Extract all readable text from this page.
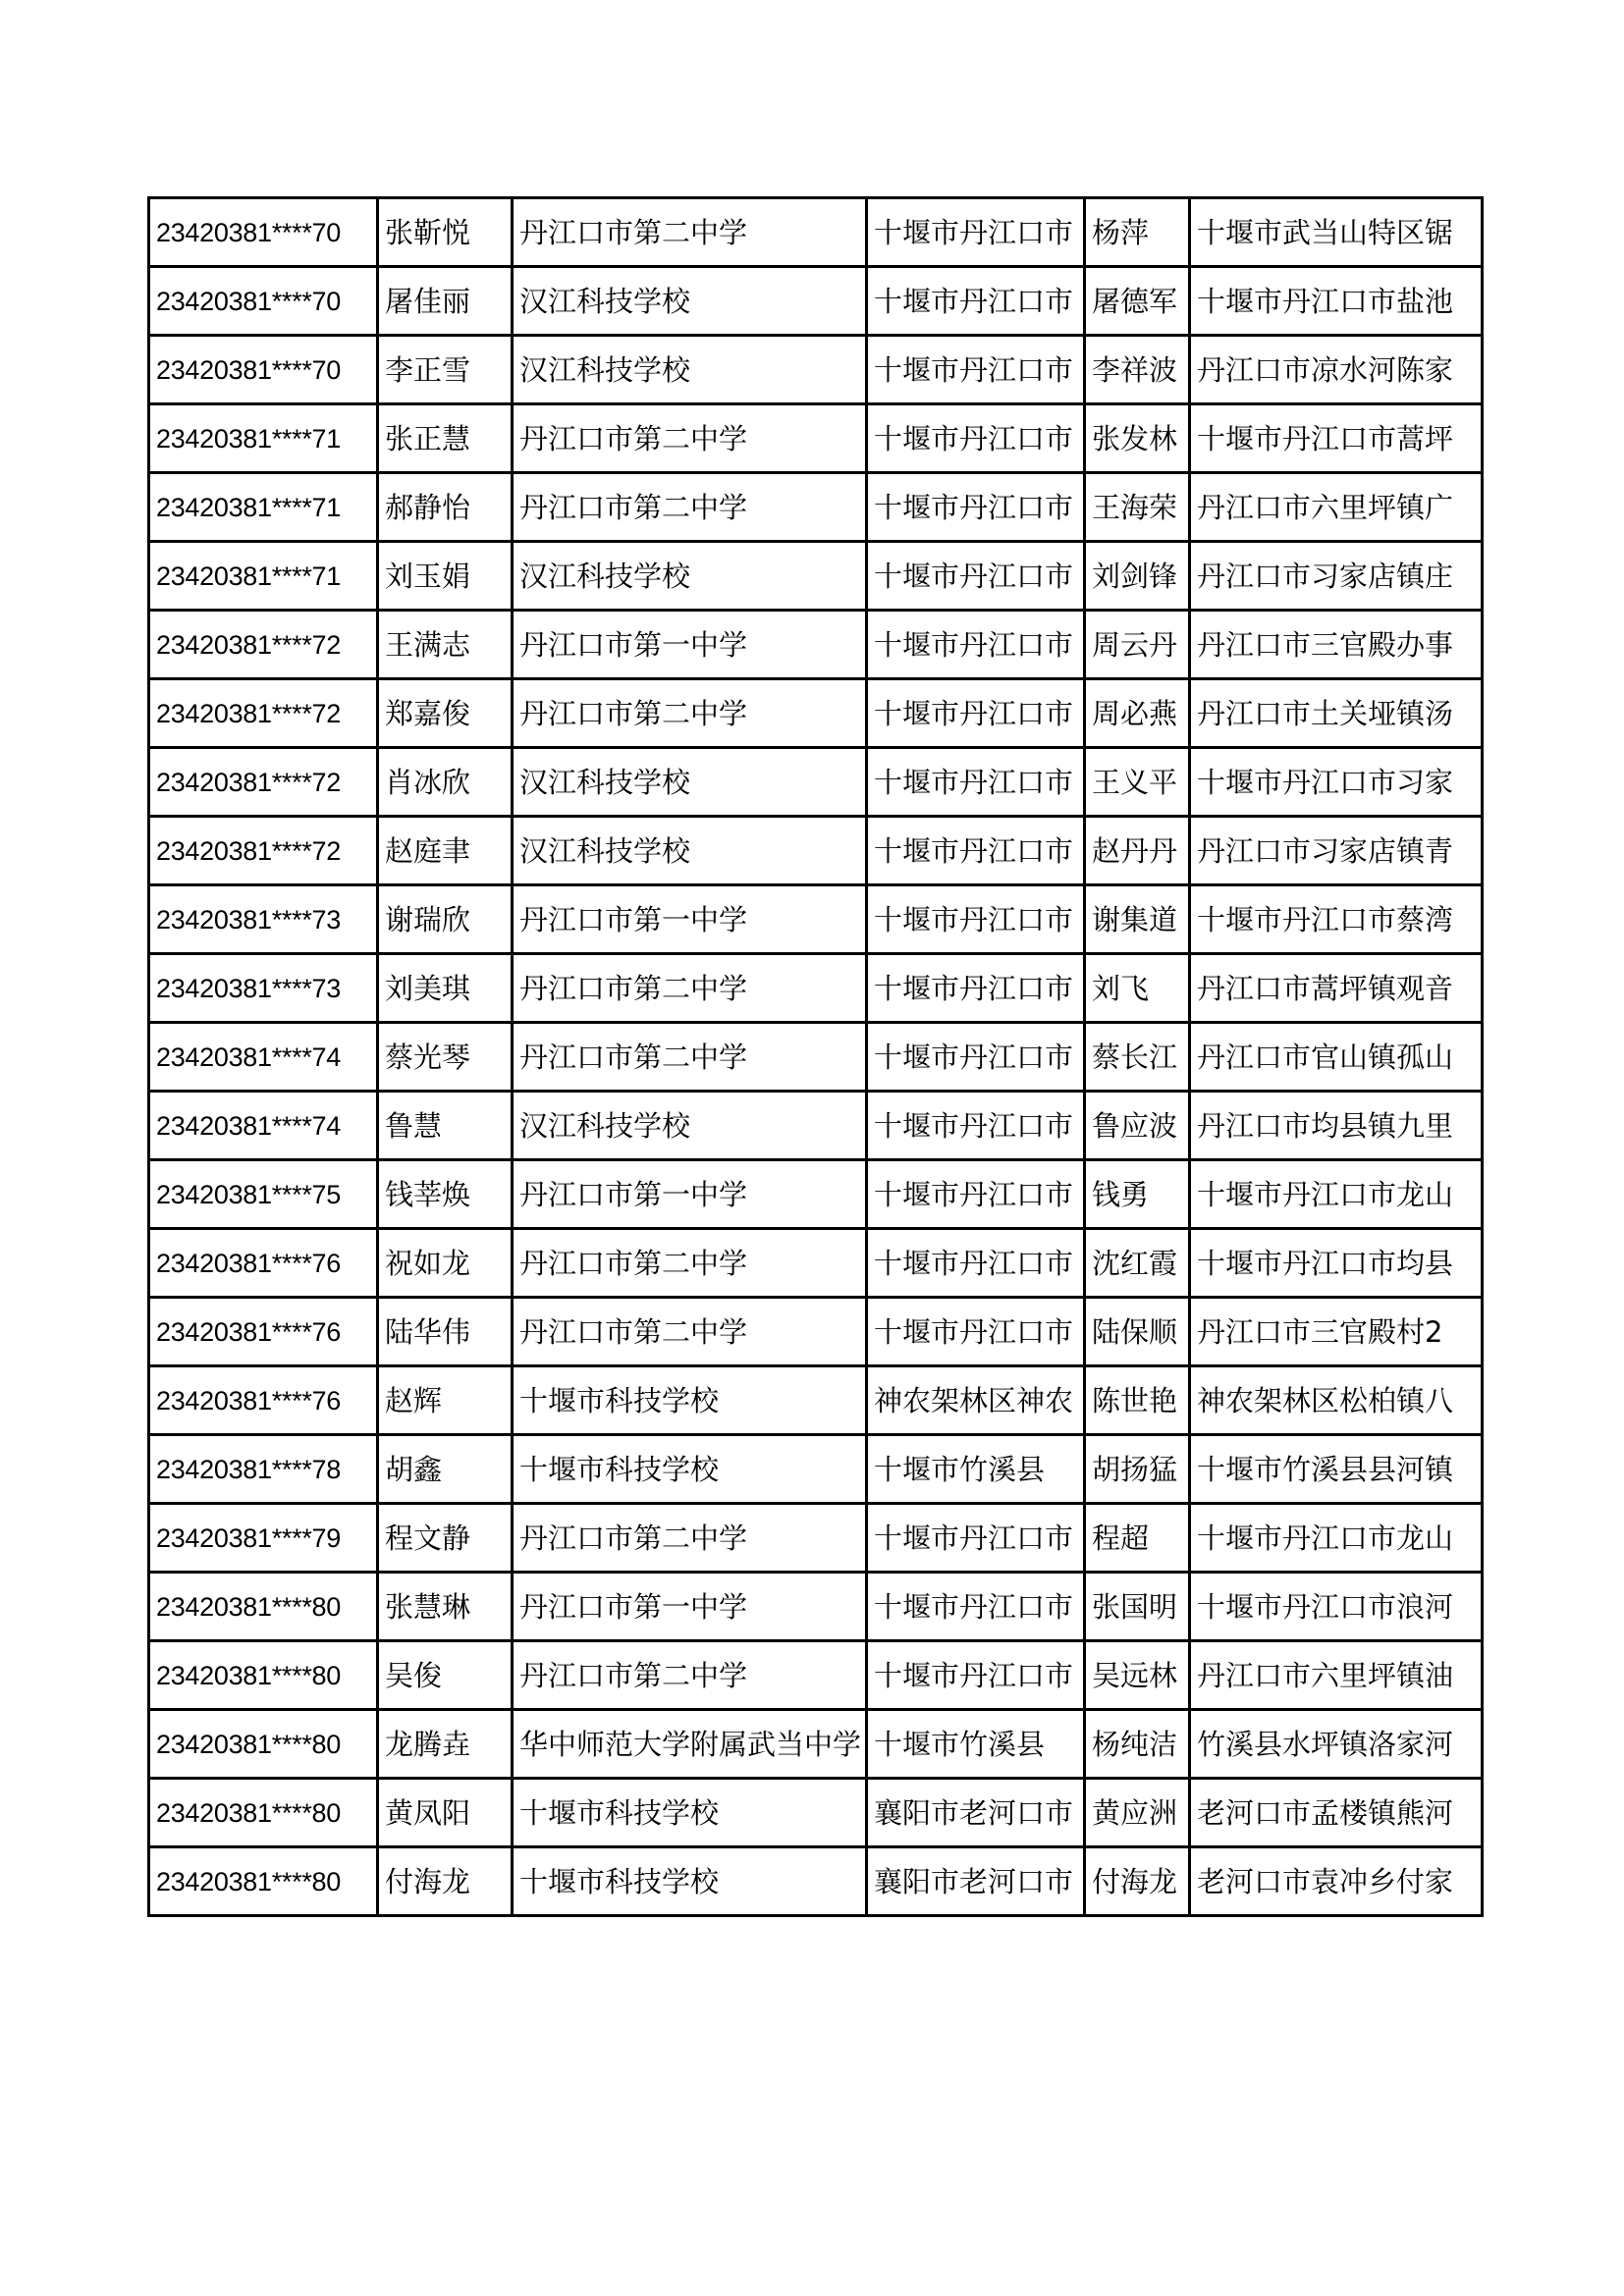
23420381****70	张靳悦	丹江口市第二中学	十堰市丹江口市	杨萍	十堰市武当山特区锯
23420381****70	屠佳丽	汉江科技学校	十堰市丹江口市	屠德军	十堰市丹江口市盐池
23420381****70	李正雪	汉江科技学校	十堰市丹江口市	李祥波	丹江口市凉水河陈家
23420381****71	张正慧	丹江口市第二中学	十堰市丹江口市	张发林	十堰市丹江口市蒿坪
23420381****71	郝静怡	丹江口市第二中学	十堰市丹江口市	王海荣	丹江口市六里坪镇广
23420381****71	刘玉娟	汉江科技学校	十堰市丹江口市	刘剑锋	丹江口市习家店镇庄
23420381****72	王满志	丹江口市第一中学	十堰市丹江口市	周云丹	丹江口市三官殿办事
23420381****72	郑嘉俊	丹江口市第二中学	十堰市丹江口市	周必燕	丹江口市土关垭镇汤
23420381****72	肖冰欣	汉江科技学校	十堰市丹江口市	王义平	十堰市丹江口市习家
23420381****72	赵庭聿	汉江科技学校	十堰市丹江口市	赵丹丹	丹江口市习家店镇青
23420381****73	谢瑞欣	丹江口市第一中学	十堰市丹江口市	谢集道	十堰市丹江口市蔡湾
23420381****73	刘美琪	丹江口市第二中学	十堰市丹江口市	刘飞	丹江口市蒿坪镇观音
23420381****74	蔡光琴	丹江口市第二中学	十堰市丹江口市	蔡长江	丹江口市官山镇孤山
23420381****74	鲁慧	汉江科技学校	十堰市丹江口市	鲁应波	丹江口市均县镇九里
23420381****75	钱莘焕	丹江口市第一中学	十堰市丹江口市	钱勇	十堰市丹江口市龙山
23420381****76	祝如龙	丹江口市第二中学	十堰市丹江口市	沈红霞	十堰市丹江口市均县
23420381****76	陆华伟	丹江口市第二中学	十堰市丹江口市	陆保顺	丹江口市三官殿村2
23420381****76	赵辉	十堰市科技学校	神农架林区神农	陈世艳	神农架林区松柏镇八
23420381****78	胡鑫	十堰市科技学校	十堰市竹溪县	胡扬猛	十堰市竹溪县县河镇
23420381****79	程文静	丹江口市第二中学	十堰市丹江口市	程超	十堰市丹江口市龙山
23420381****80	张慧琳	丹江口市第一中学	十堰市丹江口市	张国明	十堰市丹江口市浪河
23420381****80	吴俊	丹江口市第二中学	十堰市丹江口市	吴远林	丹江口市六里坪镇油
23420381****80	龙腾垚	华中师范大学附属武当中学	十堰市竹溪县	杨纯洁	竹溪县水坪镇洛家河
23420381****80	黄凤阳	十堰市科技学校	襄阳市老河口市	黄应洲	老河口市孟楼镇熊河
23420381****80	付海龙	十堰市科技学校	襄阳市老河口市	付海龙	老河口市袁冲乡付家
